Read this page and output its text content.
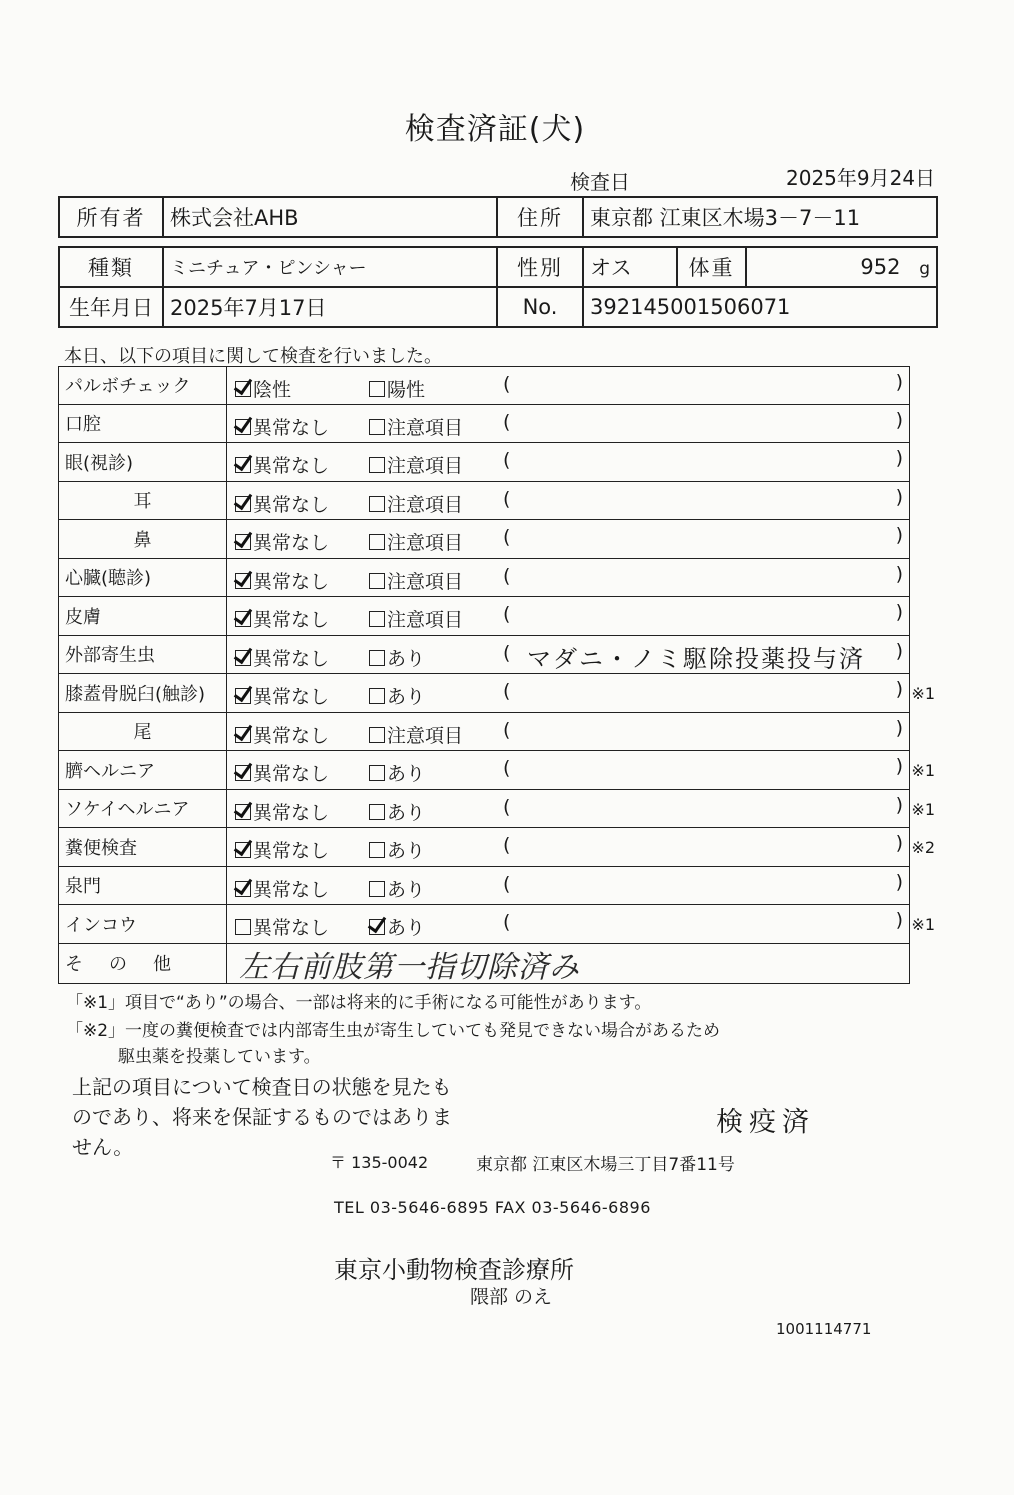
検査済証(犬)
検査日	2025年9月24日
所有者	株式会社AHB	住所	東京都 江東区木場3－7－11
種類	ミニチュア・ピンシャー	性別	オス	体重	952 g
生年月日	2025年7月17日	No.	392145001506071		
本日、以下の項目に関して検査を行いました。
パルボチェック	陰性	陽性	(	)
口腔	異常なし	注意項目 (	)
眼(視診)	異常なし	注意項目 (	)
耳	異常なし	注意項目 (	)
鼻	異常なし	注意項目 (	)
心臓(聴診)	異常なし	注意項目 (	)
皮膚	異常なし	注意項目 (	)
外部寄生虫	異常なし	あり	( マダニ・ノミ駆除投薬投与済 )
膝蓋骨脱臼(触診)	異常なし	あり	(	) ※1
尾	異常なし	注意項目 (	)
臍ヘルニア	異常なし	あり	(	) ※1
ソケイヘルニア	異常なし	あり	(	) ※1
糞便検査	異常なし	あり	(	) ※2
泉門	異常なし	あり	(	)
インコウ	異常なし	あり	(	) ※1
その他 左右前肢第一指切除済み
「※1」項目で“あり”の場合、一部は将来的に手術になる可能性があります。
「※2」一度の糞便検査では内部寄生虫が寄生していても発見できない場合があるため
駆虫薬を投薬しています。
上記の項目について検査日の状態を見たものであり、将来を保証するものではありません。
検疫済
〒 135-0042	東京都 江東区木場三丁目7番11号
TEL 03-5646-6895 FAX 03-5646-6896
東京小動物検査診療所
隈部 のえ
1001114771
